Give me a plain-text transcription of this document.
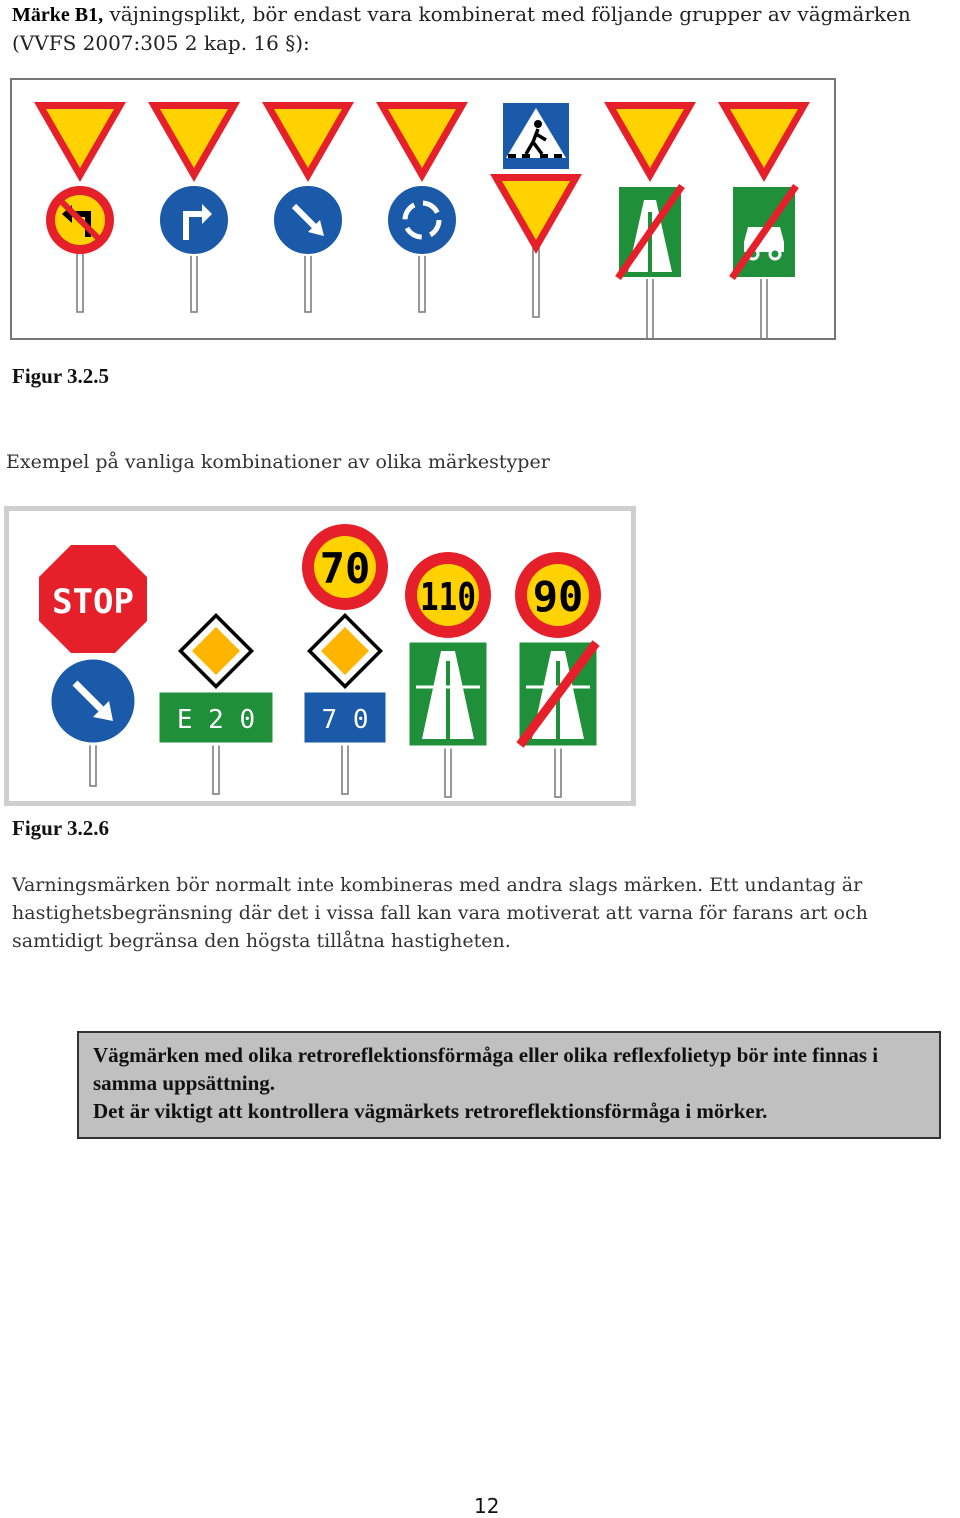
Märke B1, väjningsplikt, bör endast vara kombinerat med följande grupper av vägmärken (VVFS 2007:305 2 kap. 16 §):
Figur 3.2.5
Exempel på vanliga kombinationer av olika märkestyper
STOP
E 2 0
70
7 0
110 90
Figur 3.2.6
Varningsmärken bör normalt inte kombineras med andra slags märken. Ett undantag är hastighetsbegränsning där det i vissa fall kan vara motiverat att varna för farans art och samtidigt begränsa den högsta tillåtna hastigheten.
Vägmärken med olika retroreflektionsförmåga eller olika reflexfolietyp bör inte finnas i samma uppsättning.
Det är viktigt att kontrollera vägmärkets retroreflektionsförmåga i mörker.
12
